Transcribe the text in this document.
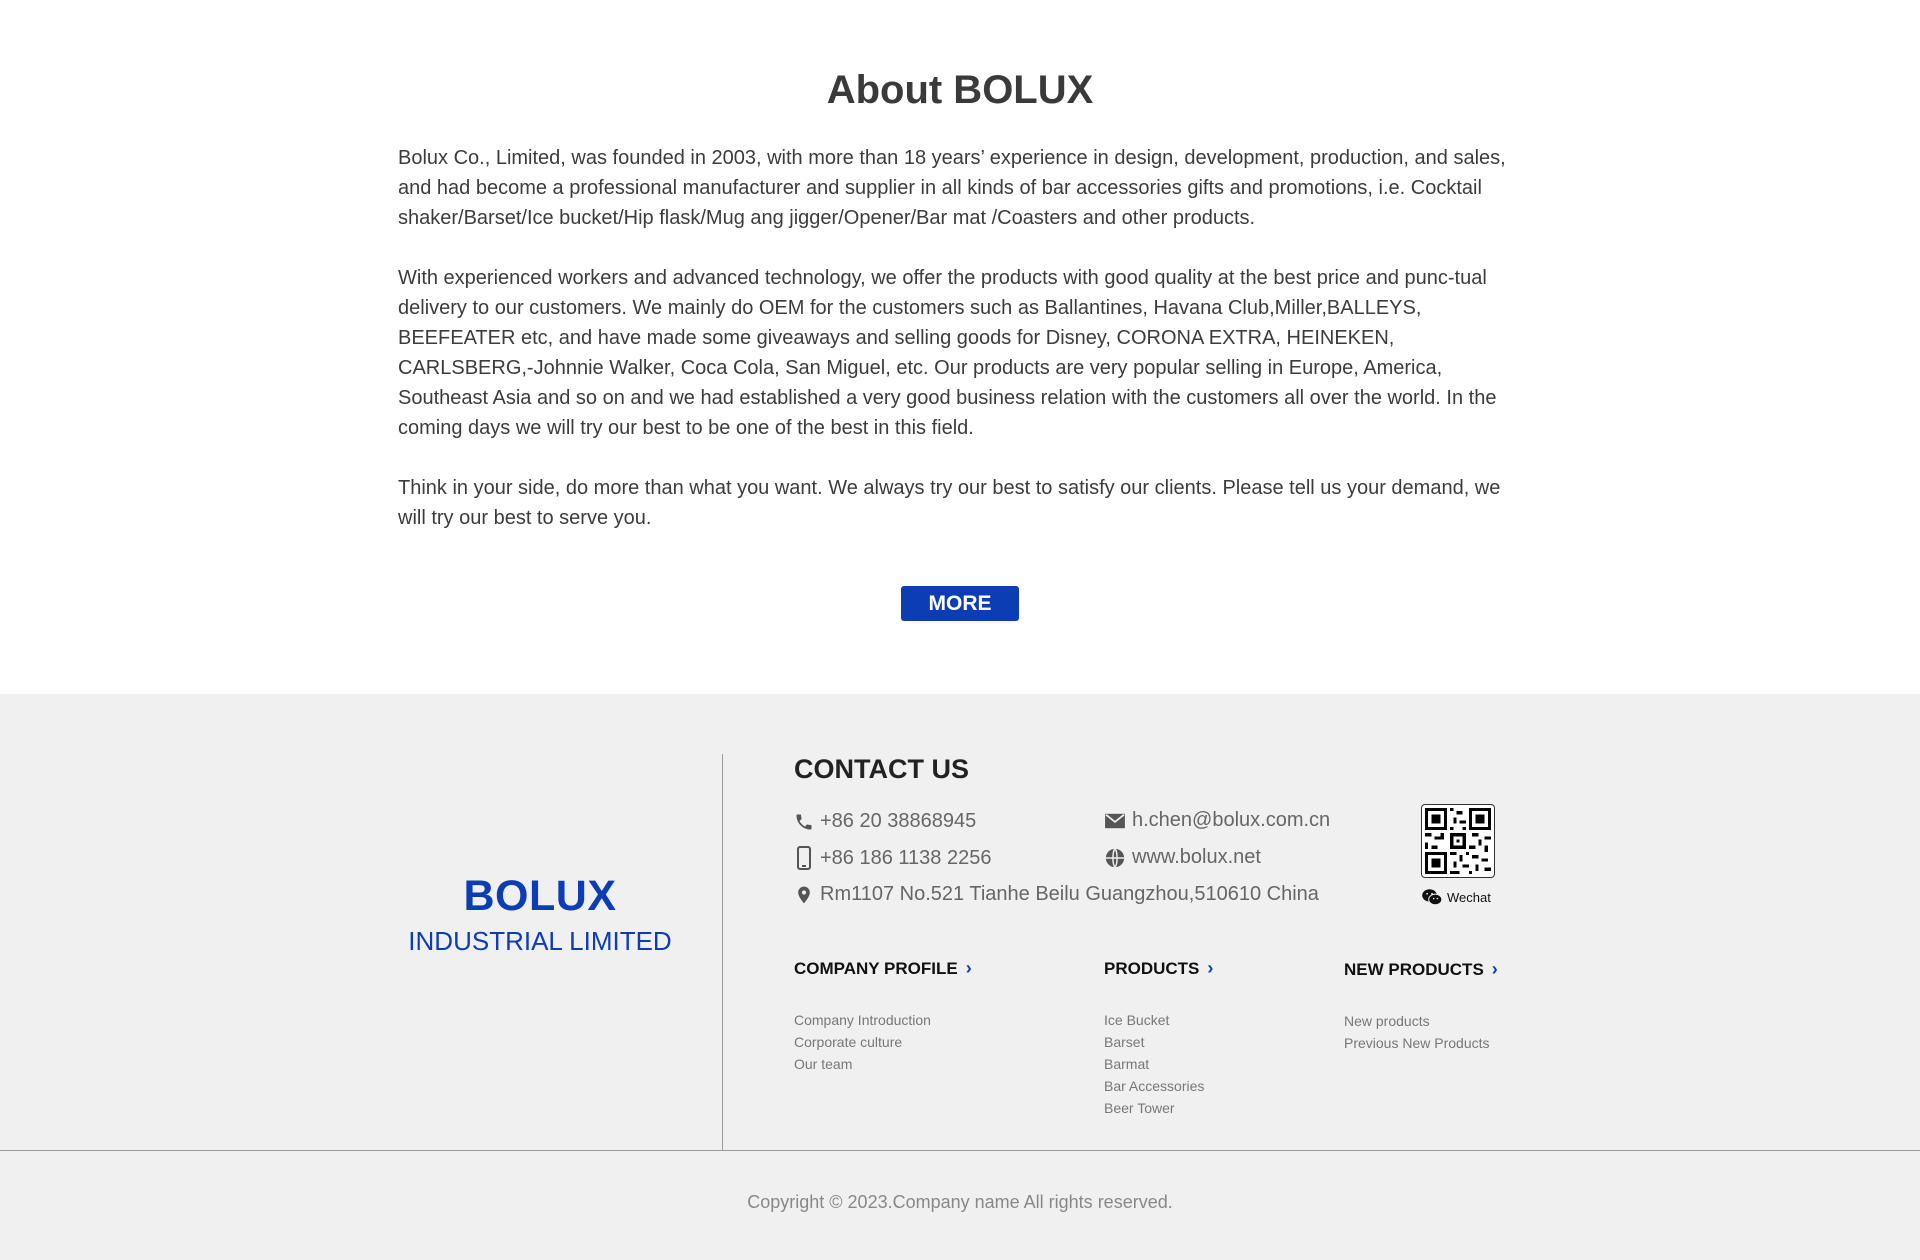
About BOLUX

Bolux Co., Limited, was founded in 2003, with more than 18 years’ experience in design, development, production, and sales, and had become a professional manufacturer and supplier in all kinds of bar accessories gifts and promotions, i.e. Cocktail shaker/Barset/Ice bucket/Hip flask/Mug ang jigger/Opener/Bar mat /Coasters and other products.

With experienced workers and advanced technology, we offer the products with good quality at the best price and punc-tual delivery to our customers. We mainly do OEM for the customers such as Ballantines, Havana Club,Miller,BALLEYS, BEEFEATER etc, and have made some giveaways and selling goods for Disney, CORONA EXTRA, HEINEKEN, CARLSBERG,-Johnnie Walker, Coca Cola, San Miguel, etc. Our products are very popular selling in Europe, America, Southeast Asia and so on and we had established a very good business relation with the customers all over the world. In the coming days we will try our best to be one of the best in this field.

Think in your side, do more than what you want. We always try our best to satisfy our clients. Please tell us your demand, we will try our best to serve you.

MORE
BOLUX
INDUSTRIAL LIMITED
CONTACT US
+86 20 38868945
+86 186 1138 2256
Rm1107 No.521 Tianhe Beilu Guangzhou,510610 China
h.chen@bolux.com.cn
www.bolux.net
Wechat
COMPANY PROFILE ›
Company Introduction
Corporate culture
Our team
PRODUCTS ›
Ice Bucket
Barset
Barmat
Bar Accessories
Beer Tower
NEW PRODUCTS ›
New products
Previous New Products
Copyright © 2023.Company name All rights reserved.
